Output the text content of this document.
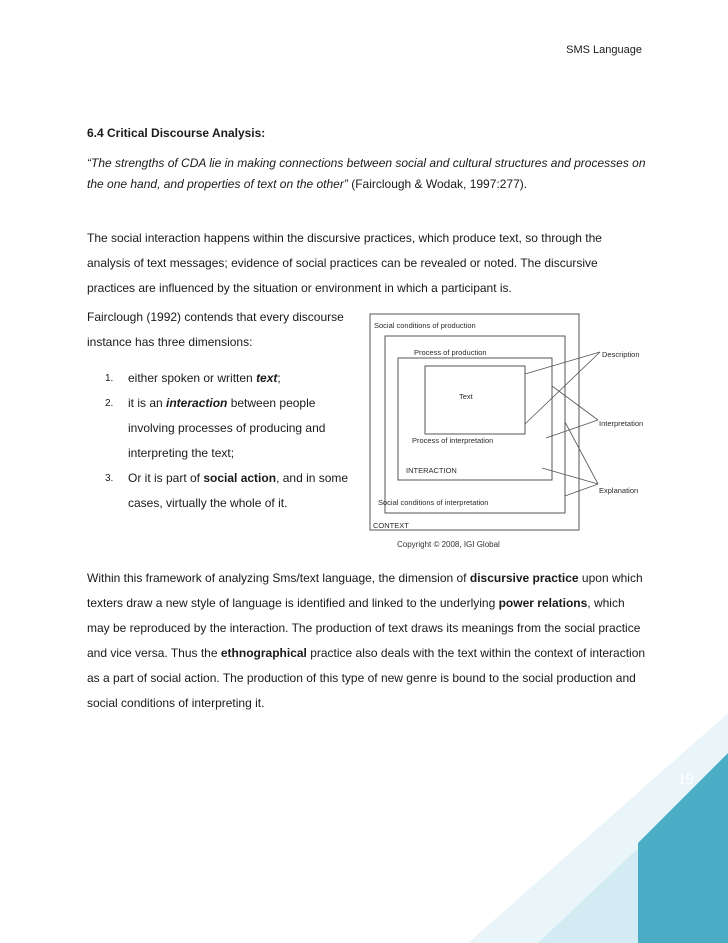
SMS Language
6.4 Critical Discourse Analysis:
“The strengths of CDA lie in making connections between social and cultural structures and processes on the one hand, and properties of text on the other” (Fairclough & Wodak, 1997:277).
The social interaction happens within the discursive practices, which produce text, so through the analysis of text messages; evidence of social practices can be revealed or noted. The discursive practices are influenced by the situation or environment in which a participant is.
Fairclough (1992) contends that every discourse instance has three dimensions:
1. either spoken or written text;
2. it is an interaction between people involving processes of producing and interpreting the text;
3. Or it is part of social action, and in some cases, virtually the whole of it.
Within this framework of analyzing Sms/text language, the dimension of discursive practice upon which texters draw a new style of language is identified and linked to the underlying power relations, which may be reproduced by the interaction. The production of text draws its meanings from the social practice and vice versa. Thus the ethnographical practice also deals with the text within the context of interaction as a part of social action. The production of this type of new genre is bound to the social production and social conditions of interpreting it.
Social conditions of production
Process of production
Text
Process of interpretation
INTERACTION
Social conditions of interpretation
CONTEXT
Description
Interpretation
Explanation
Copyright © 2008, IGI Global
19
